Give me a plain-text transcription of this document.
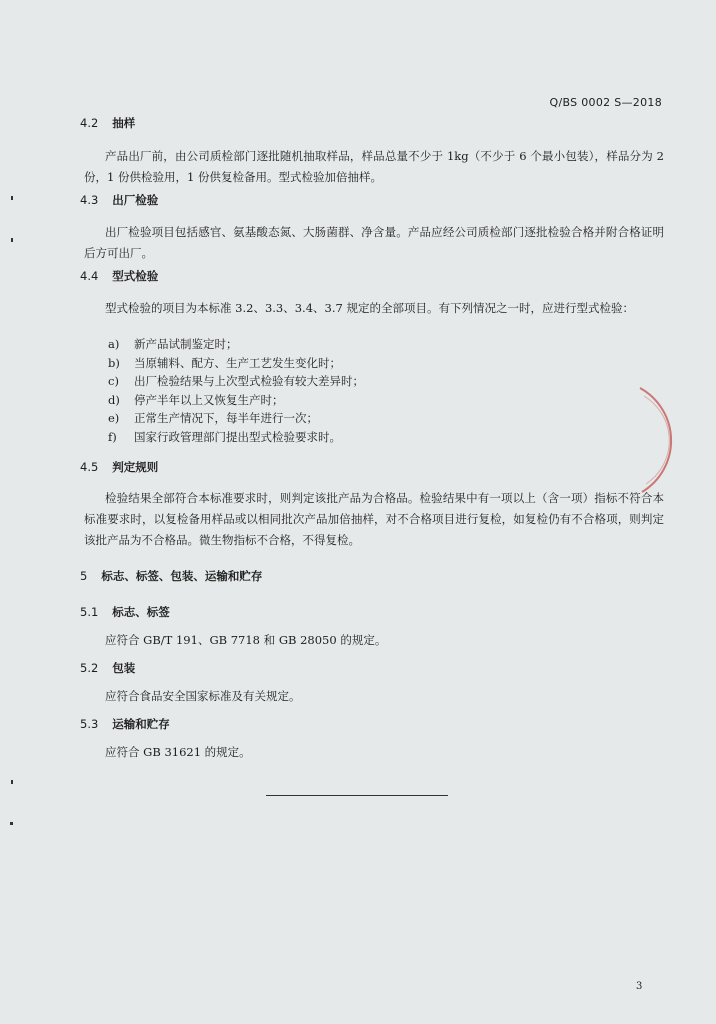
Q/BS 0002 S—2018
4.2 抽样
产品出厂前，由公司质检部门逐批随机抽取样品，样品总量不少于 1kg（不少于 6 个最小包装），样品分为 2 份，1 份供检验用，1 份供复检备用。型式检验加倍抽样。
4.3 出厂检验
出厂检验项目包括感官、氨基酸态氮、大肠菌群、净含量。产品应经公司质检部门逐批检验合格并附合格证明后方可出厂。
4.4 型式检验
型式检验的项目为本标准 3.2、3.3、3.4、3.7 规定的全部项目。有下列情况之一时，应进行型式检验：
a) 新产品试制鉴定时；
b) 当原辅料、配方、生产工艺发生变化时；
c) 出厂检验结果与上次型式检验有较大差异时；
d) 停产半年以上又恢复生产时；
e) 正常生产情况下，每半年进行一次；
f) 国家行政管理部门提出型式检验要求时。
4.5 判定规则
检验结果全部符合本标准要求时，则判定该批产品为合格品。检验结果中有一项以上（含一项）指标不符合本标准要求时，以复检备用样品或以相同批次产品加倍抽样，对不合格项目进行复检，如复检仍有不合格项，则判定该批产品为不合格品。微生物指标不合格，不得复检。
5 标志、标签、包装、运输和贮存
5.1 标志、标签
应符合 GB/T 191、GB 7718 和 GB 28050 的规定。
5.2 包装
应符合食品安全国家标准及有关规定。
5.3 运输和贮存
应符合 GB 31621 的规定。
3
